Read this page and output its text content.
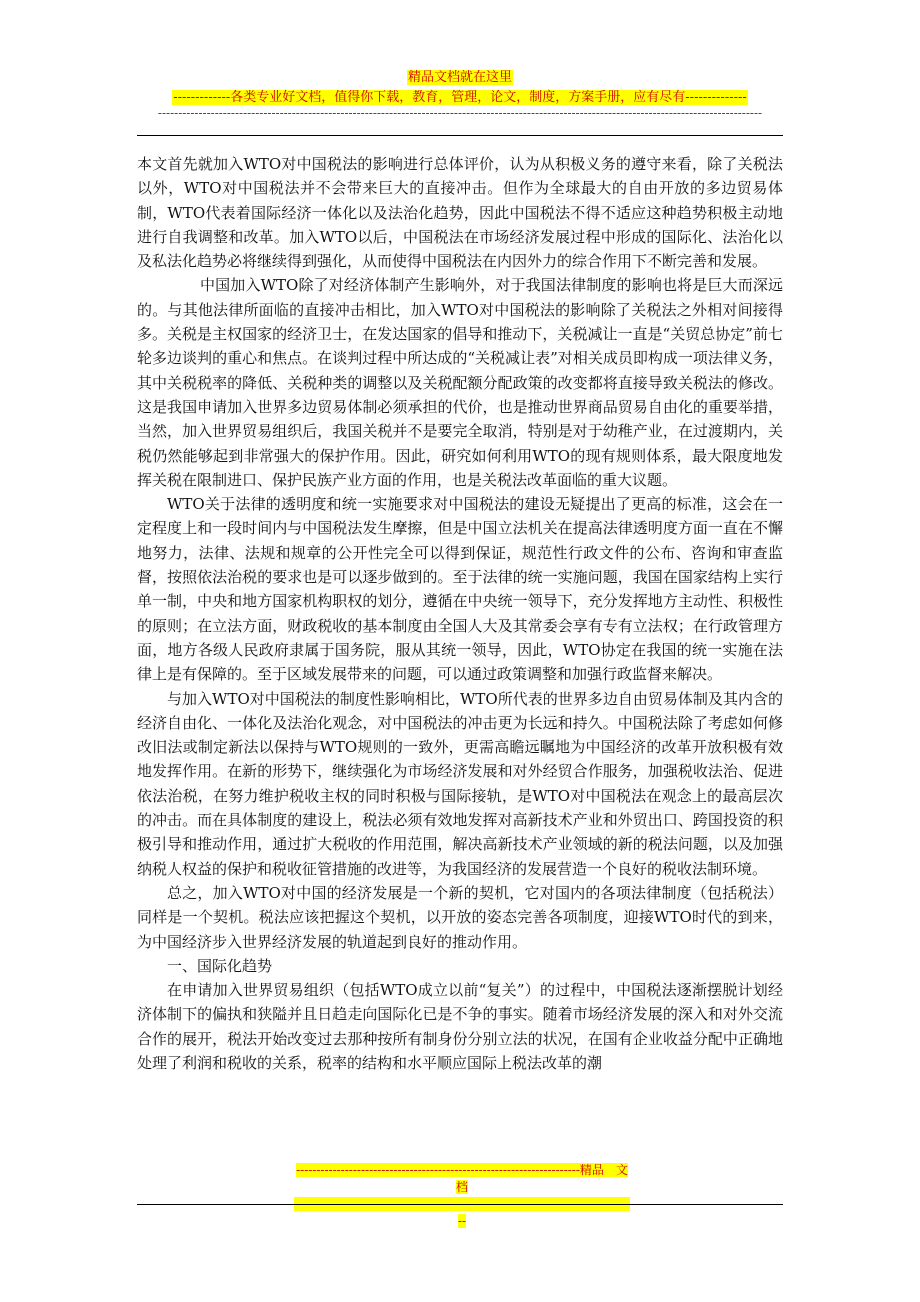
精品文档就在这里
-------------各类专业好文档，值得你下载，教育，管理，论文，制度，方案手册，应有尽有--------------
-----------------------------------------------------------------------------------------------------------------------------------------------------

本文首先就加入WTO对中国税法的影响进行总体评价，认为从积极义务的遵守来看，除了关税法以外，WTO对中国税法并不会带来巨大的直接冲击。但作为全球最大的自由开放的多边贸易体制，WTO代表着国际经济一体化以及法治化趋势，因此中国税法不得不适应这种趋势积极主动地进行自我调整和改革。加入WTO以后，中国税法在市场经济发展过程中形成的国际化、法治化以及私法化趋势必将继续得到强化，从而使得中国税法在内因外力的综合作用下不断完善和发展。

中国加入WTO除了对经济体制产生影响外，对于我国法律制度的影响也将是巨大而深远的。与其他法律所面临的直接冲击相比，加入WTO对中国税法的影响除了关税法之外相对间接得多。关税是主权国家的经济卫士，在发达国家的倡导和推动下，关税减让一直是“关贸总协定”前七轮多边谈判的重心和焦点。在谈判过程中所达成的“关税减让表”对相关成员即构成一项法律义务，其中关税税率的降低、关税种类的调整以及关税配额分配政策的改变都将直接导致关税法的修改。这是我国申请加入世界多边贸易体制必须承担的代价，也是推动世界商品贸易自由化的重要举措，当然，加入世界贸易组织后，我国关税并不是要完全取消，特别是对于幼稚产业，在过渡期内，关税仍然能够起到非常强大的保护作用。因此，研究如何利用WTO的现有规则体系，最大限度地发挥关税在限制进口、保护民族产业方面的作用，也是关税法改革面临的重大议题。

WTO关于法律的透明度和统一实施要求对中国税法的建设无疑提出了更高的标准，这会在一定程度上和一段时间内与中国税法发生摩擦，但是中国立法机关在提高法律透明度方面一直在不懈地努力，法律、法规和规章的公开性完全可以得到保证，规范性行政文件的公布、咨询和审查监督，按照依法治税的要求也是可以逐步做到的。至于法律的统一实施问题，我国在国家结构上实行单一制，中央和地方国家机构职权的划分，遵循在中央统一领导下，充分发挥地方主动性、积极性的原则；在立法方面，财政税收的基本制度由全国人大及其常委会享有专有立法权；在行政管理方面，地方各级人民政府隶属于国务院，服从其统一领导，因此，WTO协定在我国的统一实施在法律上是有保障的。至于区域发展带来的问题，可以通过政策调整和加强行政监督来解决。

与加入WTO对中国税法的制度性影响相比，WTO所代表的世界多边自由贸易体制及其内含的经济自由化、一体化及法治化观念，对中国税法的冲击更为长远和持久。中国税法除了考虑如何修改旧法或制定新法以保持与WTO规则的一致外，更需高瞻远瞩地为中国经济的改革开放积极有效地发挥作用。在新的形势下，继续强化为市场经济发展和对外经贸合作服务，加强税收法治、促进依法治税，在努力维护税收主权的同时积极与国际接轨，是WTO对中国税法在观念上的最高层次的冲击。而在具体制度的建设上，税法必须有效地发挥对高新技术产业和外贸出口、跨国投资的积极引导和推动作用，通过扩大税收的作用范围，解决高新技术产业领域的新的税法问题，以及加强纳税人权益的保护和税收征管措施的改进等，为我国经济的发展营造一个良好的税收法制环境。

总之，加入WTO对中国的经济发展是一个新的契机，它对国内的各项法律制度（包括税法）同样是一个契机。税法应该把握这个契机，以开放的姿态完善各项制度，迎接WTO时代的到来，为中国经济步入世界经济发展的轨道起到良好的推动作用。

一、国际化趋势

在申请加入世界贸易组织（包括WTO成立以前“复关”）的过程中，中国税法逐渐摆脱计划经济体制下的偏执和狭隘并且日趋走向国际化已是不争的事实。随着市场经济发展的深入和对外交流合作的展开，税法开始改变过去那种按所有制身份分别立法的状况，在国有企业收益分配中正确地处理了利润和税收的关系，税率的结构和水平顺应国际上税法改革的潮

----------------------------------------------------------------------精品　文档
-------------------------------------------------------------------------------------
